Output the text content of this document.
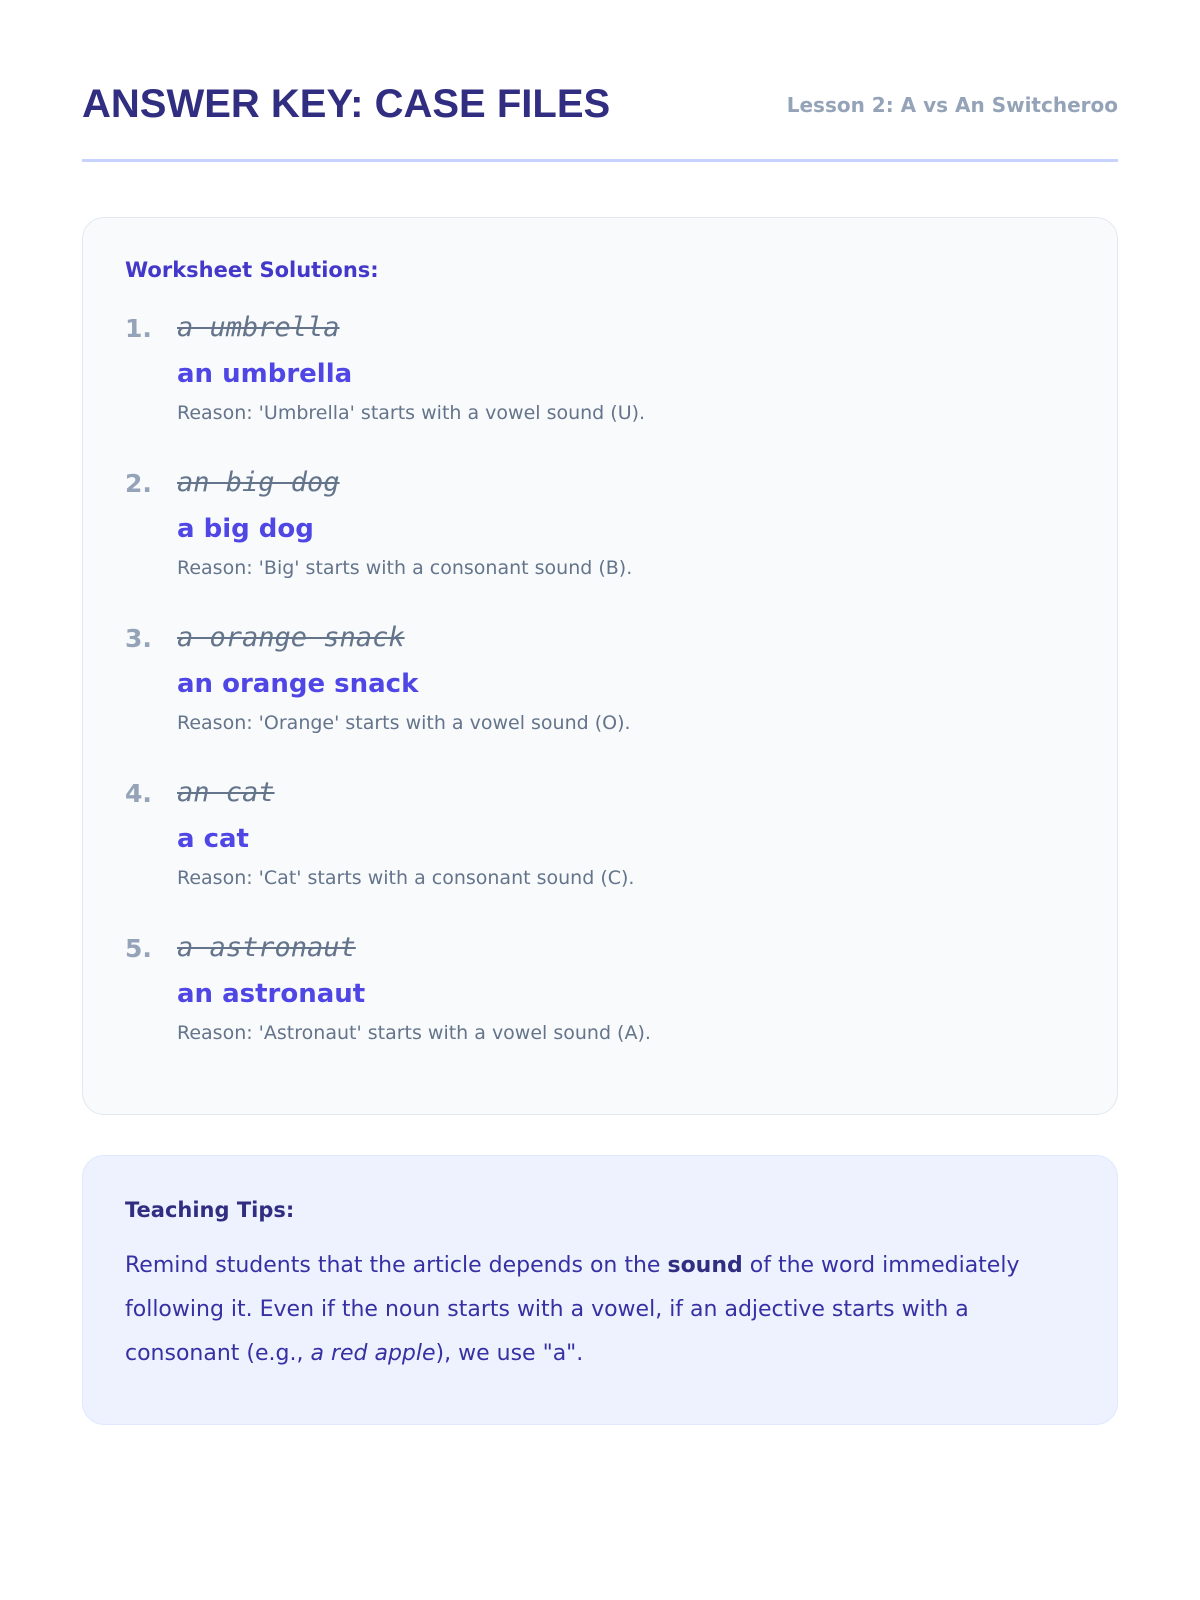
ANSWER KEY: CASE FILES	Lesson 2: A vs An Switcheroo
Worksheet Solutions:
1. a umbrella
an umbrella
Reason: 'Umbrella' starts with a vowel sound (U).
2. an big dog
a big dog
Reason: 'Big' starts with a consonant sound (B).
3. a orange snack
an orange snack
Reason: 'Orange' starts with a vowel sound (O).
4. an cat
a cat
Reason: 'Cat' starts with a consonant sound (C).
5. a astronaut
an astronaut
Reason: 'Astronaut' starts with a vowel sound (A).
Teaching Tips:

Remind students that the article depends on the sound of the word immediately following it. Even if the noun starts with a vowel, if an adjective starts with a consonant (e.g., a red apple), we use "a".
